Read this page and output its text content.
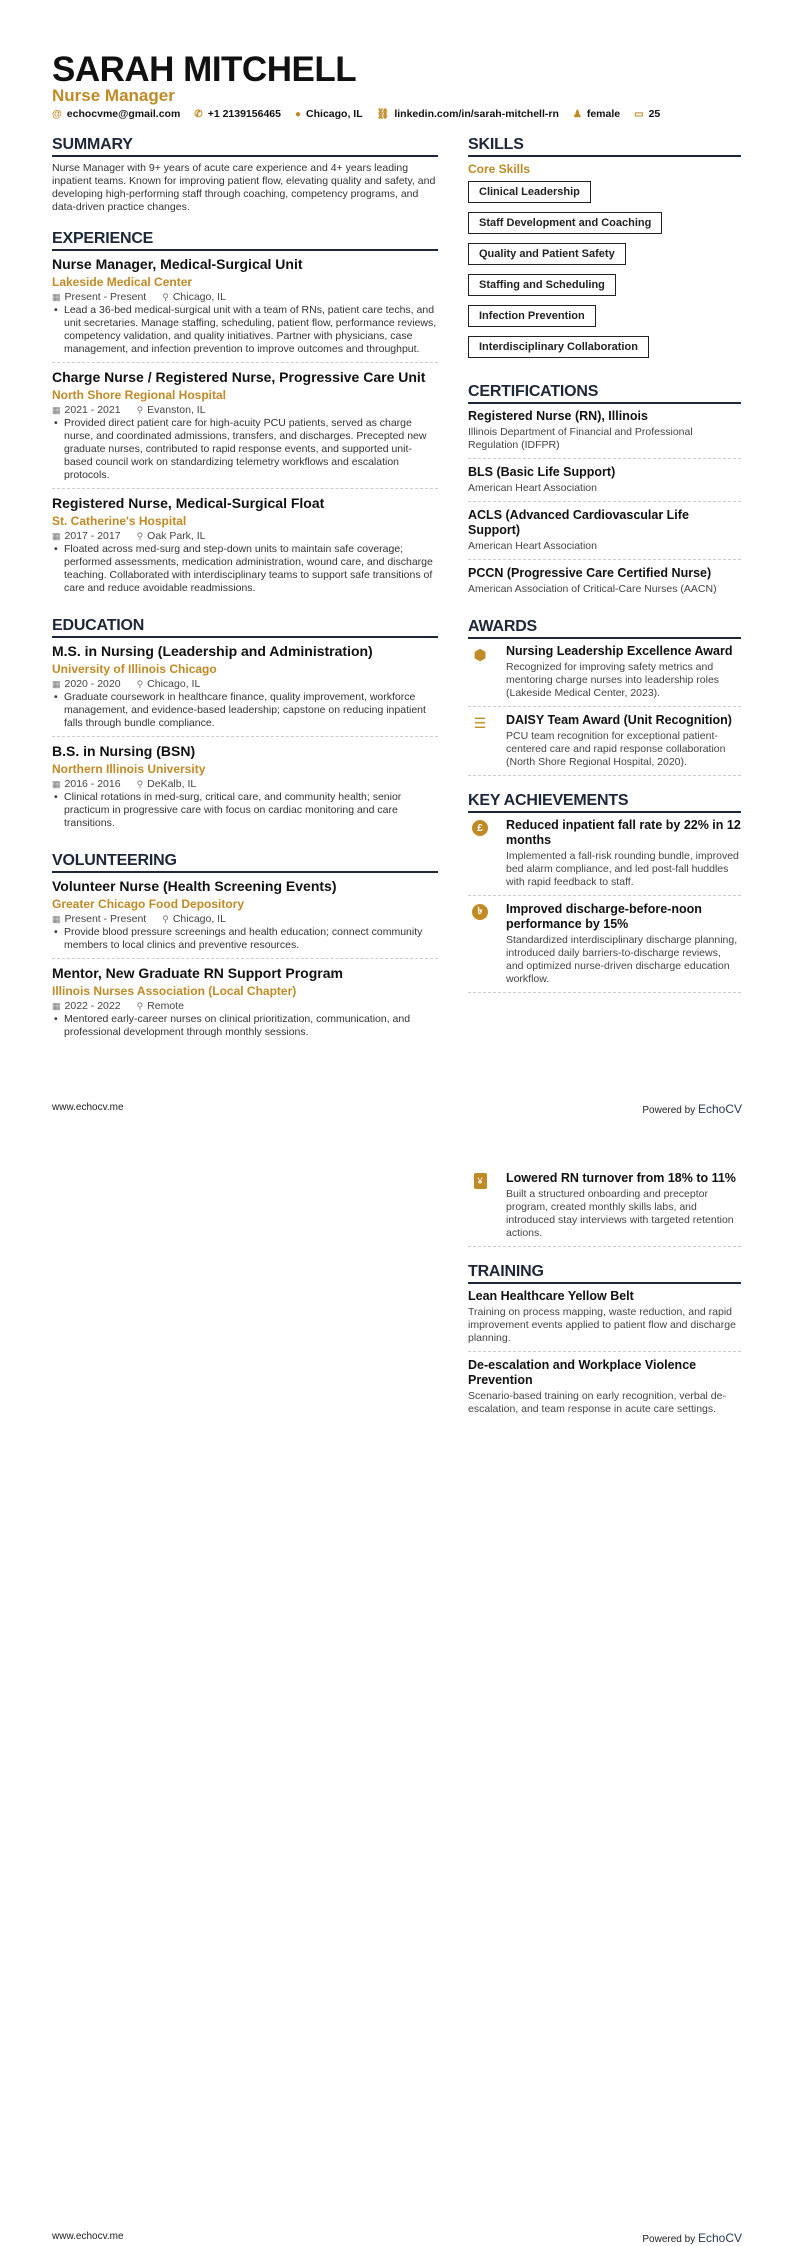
SARAH MITCHELL
Nurse Manager
@ echocvme@gmail.com ✆ +1 2139156465 ● Chicago, IL ⛓ linkedin.com/in/sarah-mitchell-rn ♟ female ▭ 25
SUMMARY
Nurse Manager with 9+ years of acute care experience and 4+ years leading inpatient teams. Known for improving patient flow, elevating quality and safety, and developing high-performing staff through coaching, competency programs, and data-driven practice changes.
EXPERIENCE
Nurse Manager, Medical-Surgical Unit
Lakeside Medical Center
▦ Present - Present ⚲ Chicago, IL
• Lead a 36-bed medical-surgical unit with a team of RNs, patient care techs, and unit secretaries. Manage staffing, scheduling, patient flow, performance reviews, competency validation, and quality initiatives. Partner with physicians, case management, and infection prevention to improve outcomes and throughput.
Charge Nurse / Registered Nurse, Progressive Care Unit
North Shore Regional Hospital
▦ 2021 - 2021 ⚲ Evanston, IL
• Provided direct patient care for high-acuity PCU patients, served as charge nurse, and coordinated admissions, transfers, and discharges. Precepted new graduate nurses, contributed to rapid response events, and supported unit-based council work on standardizing telemetry workflows and escalation protocols.
Registered Nurse, Medical-Surgical Float
St. Catherine's Hospital
▦ 2017 - 2017 ⚲ Oak Park, IL
• Floated across med-surg and step-down units to maintain safe coverage; performed assessments, medication administration, wound care, and discharge teaching. Collaborated with interdisciplinary teams to support safe transitions of care and reduce avoidable readmissions.
EDUCATION
M.S. in Nursing (Leadership and Administration)
University of Illinois Chicago
▦ 2020 - 2020 ⚲ Chicago, IL
• Graduate coursework in healthcare finance, quality improvement, workforce management, and evidence-based leadership; capstone on reducing inpatient falls through bundle compliance.
B.S. in Nursing (BSN)
Northern Illinois University
▦ 2016 - 2016 ⚲ DeKalb, IL
• Clinical rotations in med-surg, critical care, and community health; senior practicum in progressive care with focus on cardiac monitoring and care transitions.
VOLUNTEERING
Volunteer Nurse (Health Screening Events)
Greater Chicago Food Depository
▦ Present - Present ⚲ Chicago, IL
• Provide blood pressure screenings and health education; connect community members to local clinics and preventive resources.
Mentor, New Graduate RN Support Program
Illinois Nurses Association (Local Chapter)
▦ 2022 - 2022 ⚲ Remote
• Mentored early-career nurses on clinical prioritization, communication, and professional development through monthly sessions.
SKILLS
Core Skills
Clinical Leadership
Staff Development and Coaching
Quality and Patient Safety
Staffing and Scheduling
Infection Prevention
Interdisciplinary Collaboration
CERTIFICATIONS
Registered Nurse (RN), Illinois
Illinois Department of Financial and Professional Regulation (IDFPR)
BLS (Basic Life Support)
American Heart Association
ACLS (Advanced Cardiovascular Life Support)
American Heart Association
PCCN (Progressive Care Certified Nurse)
American Association of Critical-Care Nurses (AACN)
AWARDS
⬢ Nursing Leadership Excellence Award
Recognized for improving safety metrics and mentoring charge nurses into leadership roles (Lakeside Medical Center, 2023).
☰ DAISY Team Award (Unit Recognition)
PCU team recognition for exceptional patient-centered care and rapid response collaboration (North Shore Regional Hospital, 2020).
KEY ACHIEVEMENTS
£	Reduced inpatient fall rate by 22% in 12 months
Implemented a fall-risk rounding bundle, improved bed alarm compliance, and led post-fall huddles with rapid feedback to staff.
৳	Improved discharge-before-noon performance by 15%
Standardized interdisciplinary discharge planning, introduced daily barriers-to-discharge reviews, and optimized nurse-driven discharge education workflow.
www.echocv.me	Powered by EchoCV
¥	Lowered RN turnover from 18% to 11%
Built a structured onboarding and preceptor program, created monthly skills labs, and introduced stay interviews with targeted retention actions.
TRAINING
Lean Healthcare Yellow Belt
Training on process mapping, waste reduction, and rapid improvement events applied to patient flow and discharge planning.
De-escalation and Workplace Violence Prevention
Scenario-based training on early recognition, verbal de-escalation, and team response in acute care settings.
www.echocv.me	Powered by EchoCV
